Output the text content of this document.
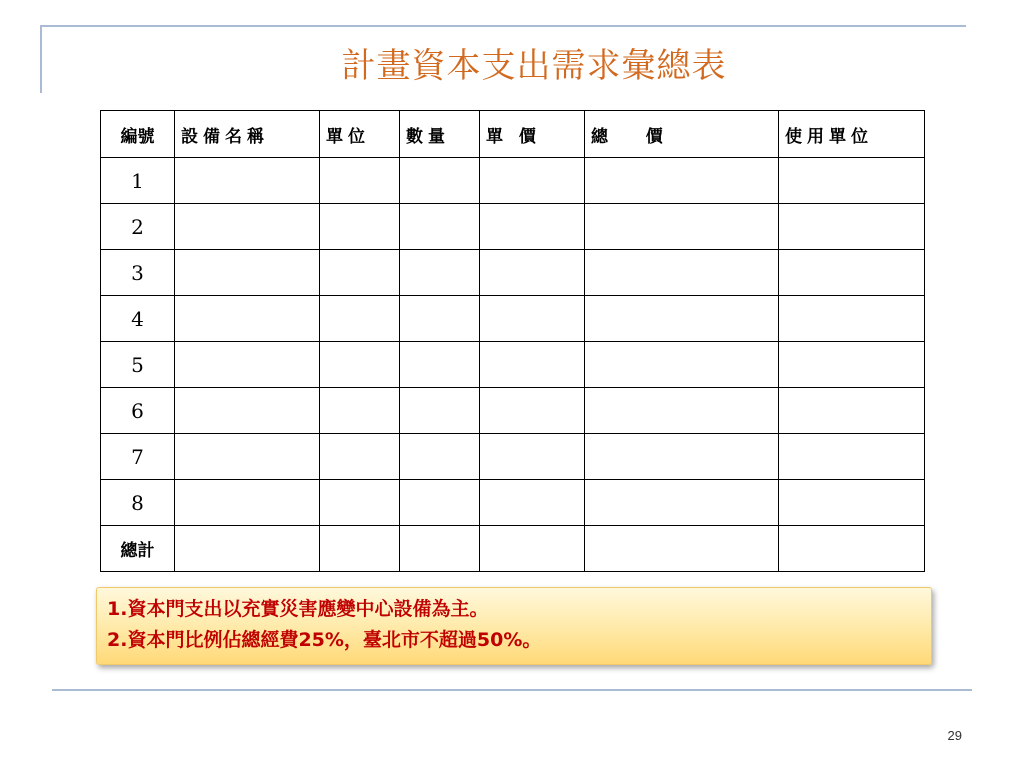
計畫資本支出需求彙總表
編號	設備名稱	單位	數量	單 價	總   價	使用單位
1						
2						
3						
4						
5						
6						
7						
8						
總計						
1.資本門支出以充實災害應變中心設備為主。
2.資本門比例佔總經費25%，臺北市不超過50%。
29
